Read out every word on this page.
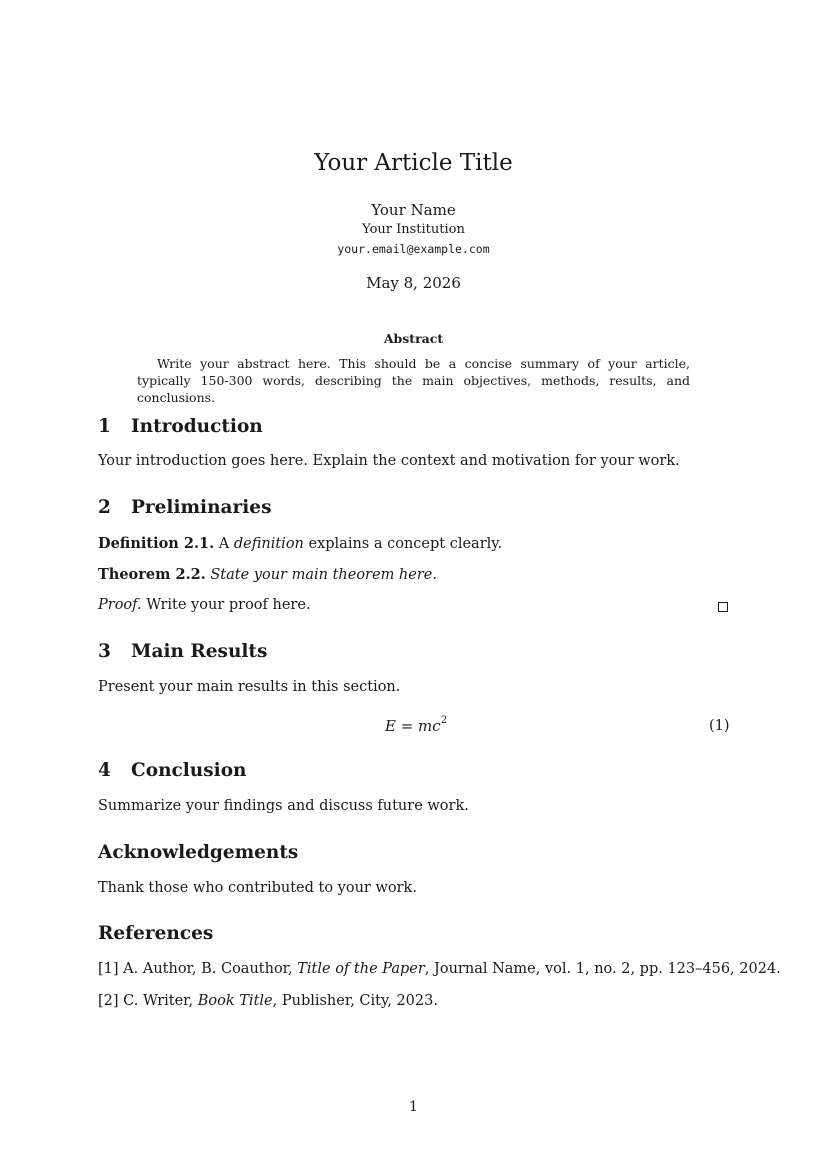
Your Article Title
Your Name
Your Institution
your.email@example.com
May 8, 2026
Abstract
Write your abstract here. This should be a concise summary of your article, typically 150-300 words, describing the main objectives, methods, results, and conclusions.
1 Introduction
Your introduction goes here. Explain the context and motivation for your work.
2 Preliminaries
Definition 2.1. A definition explains a concept clearly.
Theorem 2.2. State your main theorem here.
Proof. Write your proof here.
3 Main Results
Present your main results in this section.
$E = mc^2$	(1)
4 Conclusion
Summarize your findings and discuss future work.
Acknowledgements
Thank those who contributed to your work.
References
[1] A. Author, B. Coauthor, Title of the Paper, Journal Name, vol. 1, no. 2, pp. 123–456, 2024.
[2] C. Writer, Book Title, Publisher, City, 2023.
1
